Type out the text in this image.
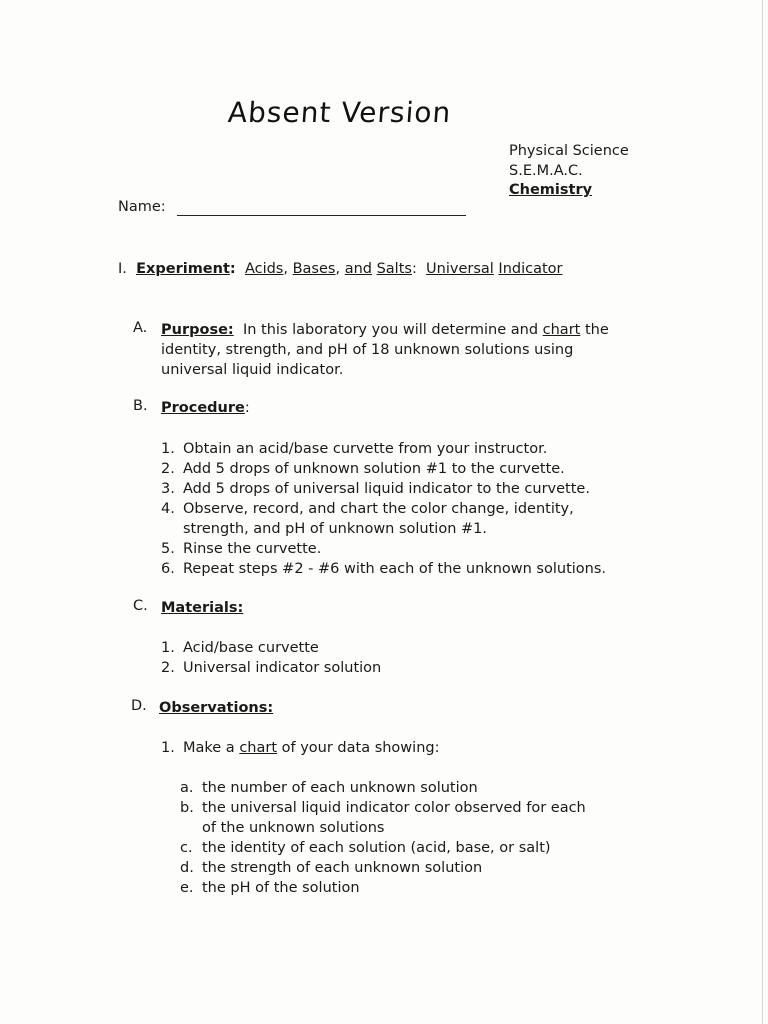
Absent Version
Physical Science
S.E.M.A.C.
Chemistry
Name:
I. Experiment: Acids, Bases, and Salts: Universal Indicator
A. Purpose: In this laboratory you will determine and chart the
identity, strength, and pH of 18 unknown solutions using
universal liquid indicator.
B. Procedure:
1. Obtain an acid/base curvette from your instructor.
2. Add 5 drops of unknown solution #1 to the curvette.
3. Add 5 drops of universal liquid indicator to the curvette.
4. Observe, record, and chart the color change, identity,
strength, and pH of unknown solution #1.
5. Rinse the curvette.
6. Repeat steps #2 - #6 with each of the unknown solutions.
C. Materials:
1. Acid/base curvette
2. Universal indicator solution
D. Observations:
1. Make a chart of your data showing:
a. the number of each unknown solution
b. the universal liquid indicator color observed for each
of the unknown solutions
c. the identity of each solution (acid, base, or salt)
d. the strength of each unknown solution
e. the pH of the solution
